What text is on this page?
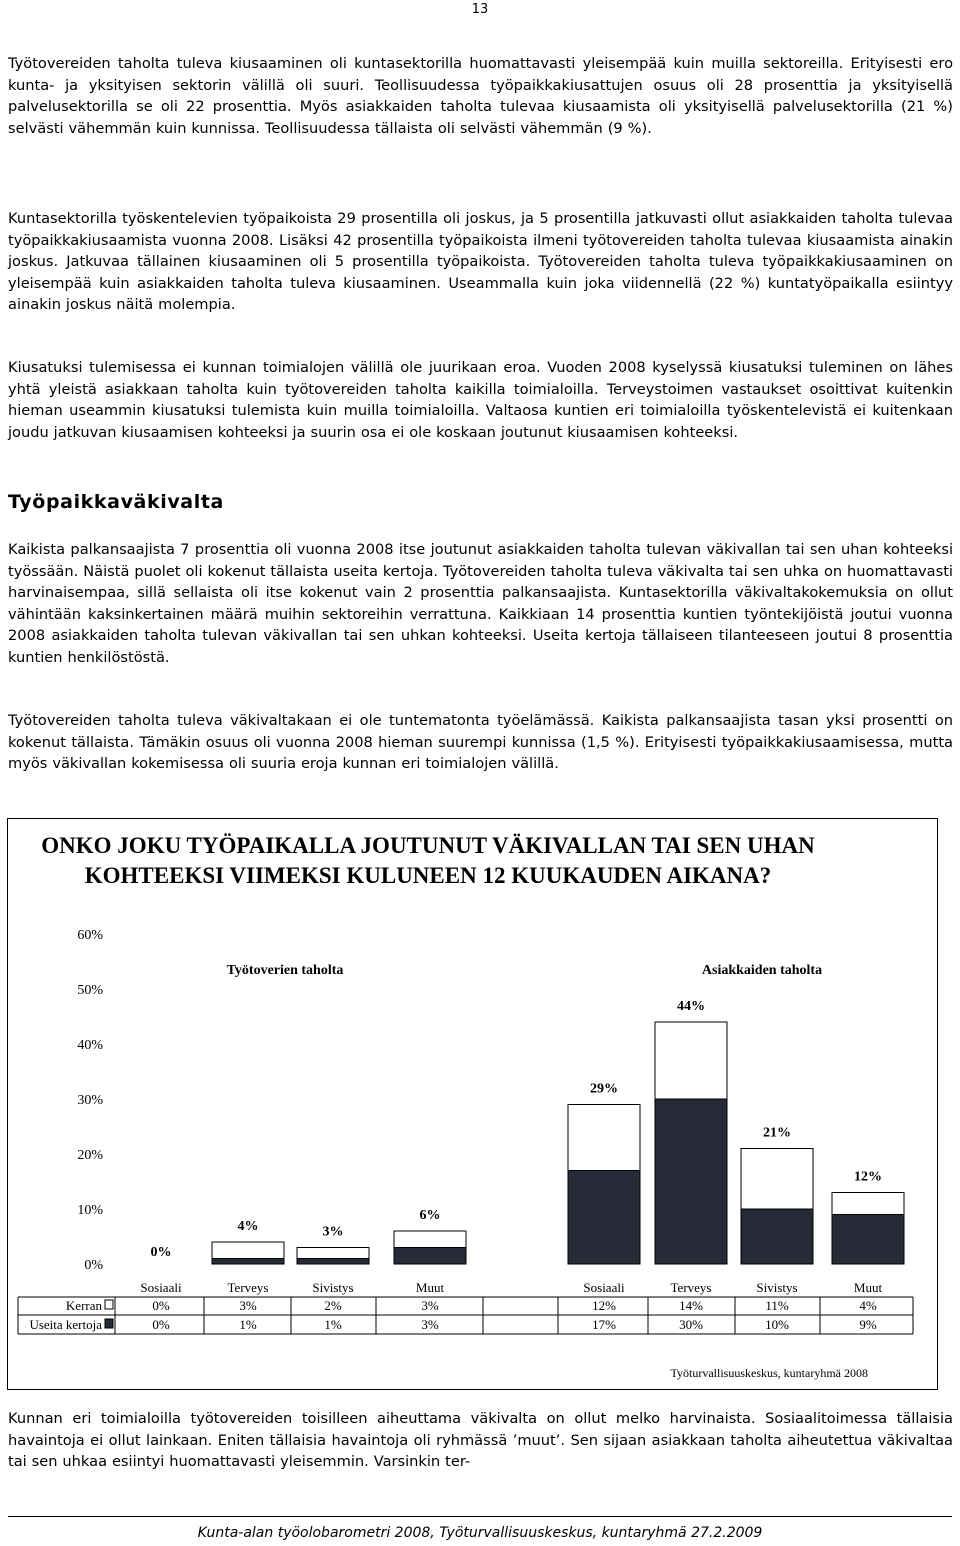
13

Työtovereiden taholta tuleva kiusaaminen oli kuntasektorilla huomattavasti yleisempää kuin muilla sektoreilla. Erityisesti ero kunta- ja yksityisen sektorin välillä oli suuri. Teollisuudessa työpaikkakiusattujen osuus oli 28 prosenttia ja yksityisellä palvelusektorilla se oli 22 prosenttia. Myös asiakkaiden taholta tulevaa kiusaamista oli yksityisellä palvelusektorilla (21 %) selvästi vähemmän kuin kunnissa. Teollisuudessa tällaista oli selvästi vähemmän (9 %).

Kuntasektorilla työskentelevien työpaikoista 29 prosentilla oli joskus, ja 5 prosentilla jatkuvasti ollut asiakkaiden taholta tulevaa työpaikkakiusaamista vuonna 2008. Lisäksi 42 prosentilla työpaikoista ilmeni työtovereiden taholta tulevaa kiusaamista ainakin joskus. Jatkuvaa tällainen kiusaaminen oli 5 prosentilla työpaikoista. Työtovereiden taholta tuleva työpaikkakiusaaminen on yleisempää kuin asiakkaiden taholta tuleva kiusaaminen. Useammalla kuin joka viidennellä (22 %) kuntatyöpaikalla esiintyy ainakin joskus näitä molempia.

Kiusatuksi tulemisessa ei kunnan toimialojen välillä ole juurikaan eroa. Vuoden 2008 kyselyssä kiusatuksi tuleminen on lähes yhtä yleistä asiakkaan taholta kuin työtovereiden taholta kaikilla toimialoilla. Terveystoimen vastaukset osoittivat kuitenkin hieman useammin kiusatuksi tulemista kuin muilla toimialoilla. Valtaosa kuntien eri toimialoilla työskentelevistä ei kuitenkaan joudu jatkuvan kiusaamisen kohteeksi ja suurin osa ei ole koskaan joutunut kiusaamisen kohteeksi.

Työpaikkaväkivalta

Kaikista palkansaajista 7 prosenttia oli vuonna 2008 itse joutunut asiakkaiden taholta tulevan väkivallan tai sen uhan kohteeksi työssään. Näistä puolet oli kokenut tällaista useita kertoja. Työtovereiden taholta tuleva väkivalta tai sen uhka on huomattavasti harvinaisempaa, sillä sellaista oli itse kokenut vain 2 prosenttia palkansaajista. Kuntasektorilla väkivaltakokemuksia on ollut vähintään kaksinkertainen määrä muihin sektoreihin verrattuna. Kaikkiaan 14 prosenttia kuntien työntekijöistä joutui vuonna 2008 asiakkaiden taholta tulevan väkivallan tai sen uhkan kohteeksi. Useita kertoja tällaiseen tilanteeseen joutui 8 prosenttia kuntien henkilöstöstä.

Työtovereiden taholta tuleva väkivaltakaan ei ole tuntematonta työelämässä. Kaikista palkansaajista tasan yksi prosentti on kokenut tällaista. Tämäkin osuus oli vuonna 2008 hieman suurempi kunnissa (1,5 %). Erityisesti työpaikkakiusaamisessa, mutta myös väkivallan kokemisessa oli suuria eroja kunnan eri toimialojen välillä.

ONKO JOKU TYÖPAIKALLA JOUTUNUT VÄKIVALLAN TAI SEN UHAN KOHTEEKSI VIIMEKSI KULUNEEN 12 KUUKAUDEN AIKANA?
0%
10%
20%
30%
40%
50%
60%
Työtoverien taholta	Asiakkaiden taholta
0%
Sosiaali
0%
0%
4%
Terveys
3%
1%
3%
Sivistys
2%
1%
6%
Muut
3%
3%
29%
Sosiaali
12%
17%
44%
Terveys
14%
30%
21%
Sivistys
11%
10%
12%
Muut
4%
9%
Kerran
Useita kertoja
Työturvallisuuskeskus, kuntaryhmä 2008

Kunnan eri toimialoilla työtovereiden toisilleen aiheuttama väkivalta on ollut melko harvinaista. Sosiaalitoimessa tällaisia havaintoja ei ollut lainkaan. Eniten tällaisia havaintoja oli ryhmässä ’muut’. Sen sijaan asiakkaan taholta aiheutettua väkivaltaa tai sen uhkaa esiintyi huomattavasti yleisemmin. Varsinkin ter-

Kunta-alan työolobarometri 2008, Työturvallisuuskeskus, kuntaryhmä 27.2.2009
